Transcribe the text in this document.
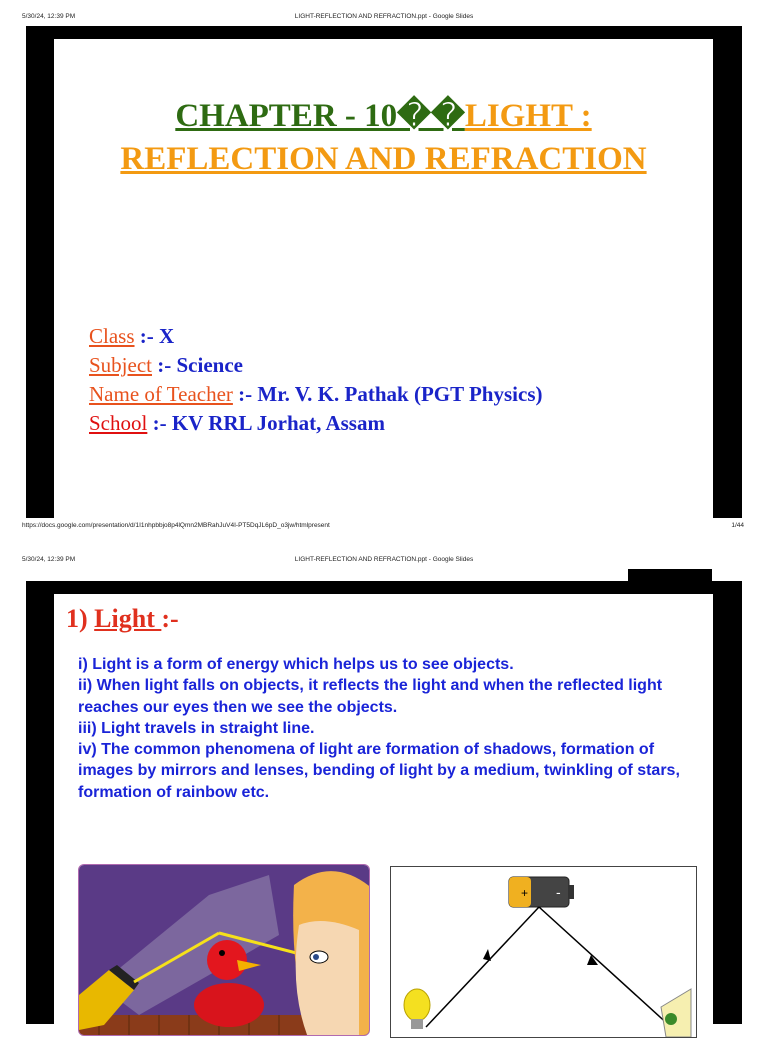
5/30/24, 12:39 PM	LIGHT-REFLECTION AND REFRACTION.ppt - Google Slides
CHAPTER - 10��LIGHT :
REFLECTION AND REFRACTION
Class :- X
Subject :- Science
Name of Teacher :- Mr. V. K. Pathak (PGT Physics)
School :- KV RRL Jorhat, Assam
https://docs.google.com/presentation/d/1I1nhpbbjo8p4lQmn2MBRahJuV4I-PT5DqJL6pD_o3jw/htmlpresent	1/44
5/30/24, 12:39 PM	LIGHT-REFLECTION AND REFRACTION.ppt - Google Slides
1) Light :-
i) Light is a form of energy which helps us to see objects.
ii) When light falls on objects, it reflects the light and when the reflected light reaches our eyes then we see the objects.
iii) Light travels in straight line.
iv) The common phenomena of light are formation of shadows, formation of images by mirrors and lenses, bending of light by a medium, twinkling of stars, formation of rainbow etc.
+ -
